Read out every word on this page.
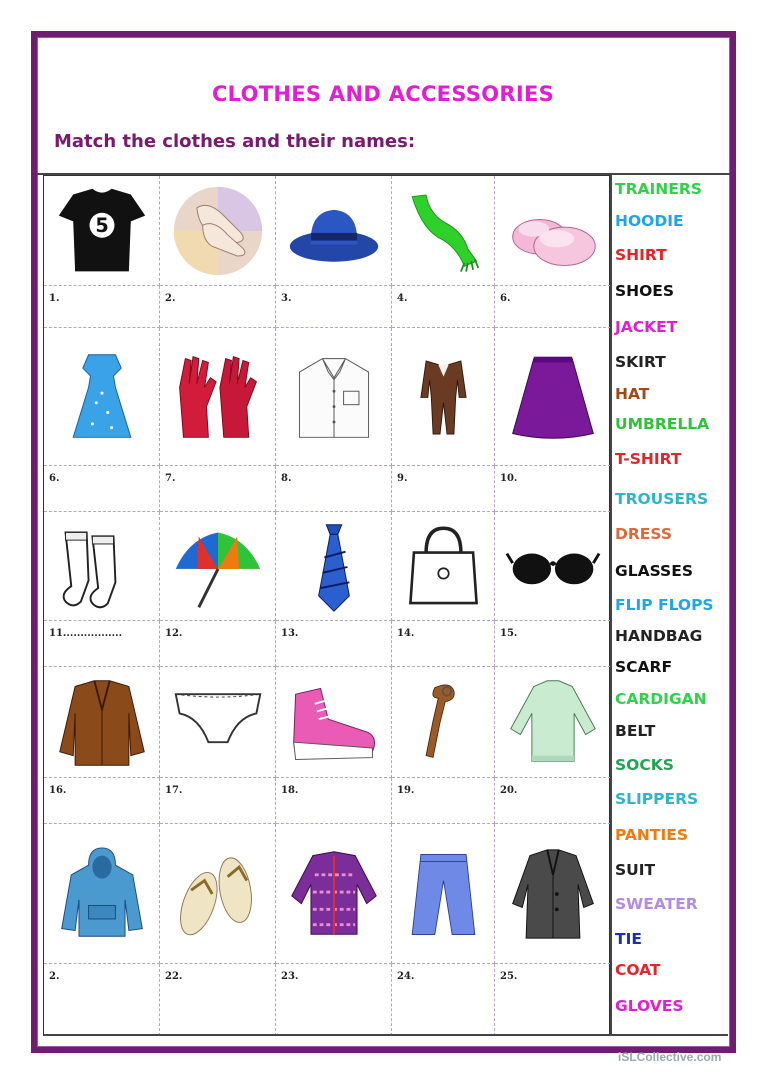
CLOTHES AND ACCESSORIES
Match the clothes and their names:
5
1.	2.	3.	4.	6.
6.	7.	8.	9.	10.
11.................	12.	13.	14.	15.
16.	17.	18.	19.	20.
2.	22.	23.	24.	25.
TRAINERS
HOODIE
SHIRT
SHOES
JACKET
SKIRT
HAT
UMBRELLA
T-SHIRT
TROUSERS
DRESS
GLASSES
FLIP FLOPS
HANDBAG
SCARF
CARDIGAN
BELT
SOCKS
SLIPPERS
PANTIES
SUIT
SWEATER
TIE
COAT
GLOVES
iSLCollective.com
